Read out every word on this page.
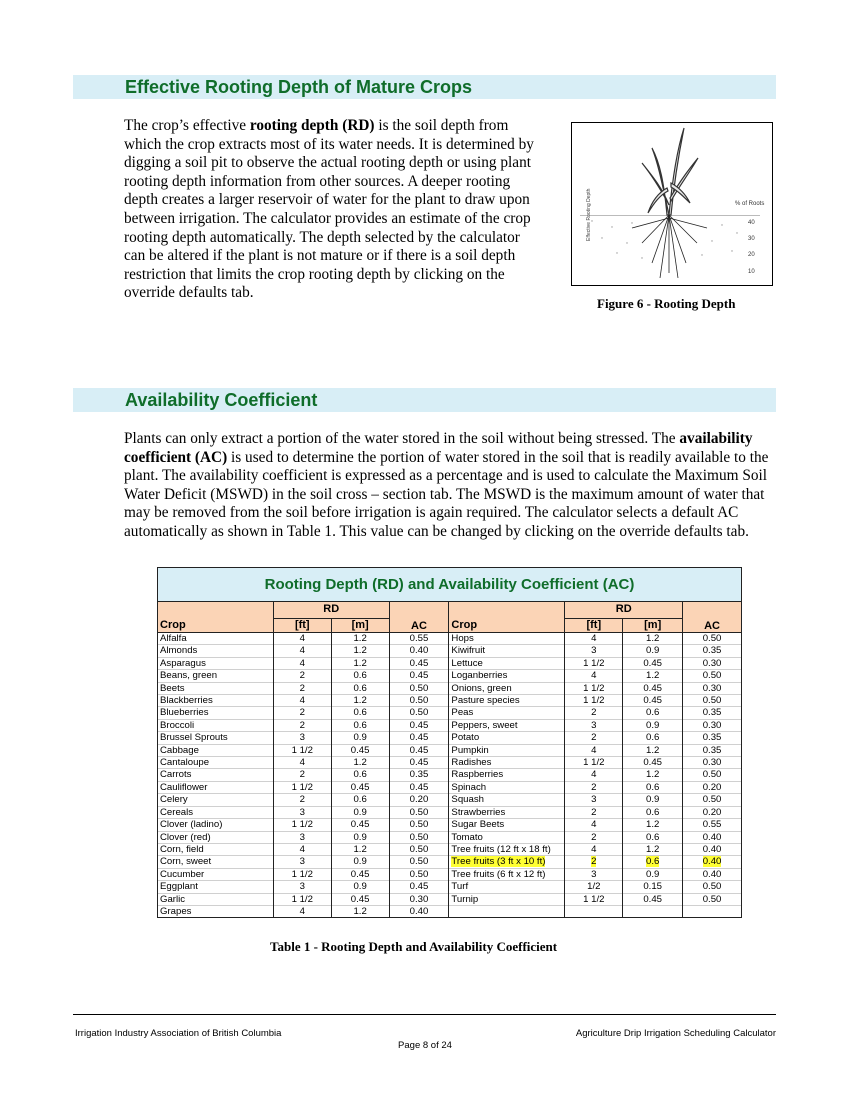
Effective Rooting Depth of Mature Crops
The crop’s effective rooting depth (RD) is the soil depth from which the crop extracts most of its water needs. It is determined by digging a soil pit to observe the actual rooting depth or using plant rooting depth information from other sources. A deeper rooting depth creates a larger reservoir of water for the plant to draw upon between irrigation. The calculator provides an estimate of the crop rooting depth automatically. The depth selected by the calculator can be altered if the plant is not mature or if there is a soil depth restriction that limits the crop rooting depth by clicking on the override defaults tab.
Effective Rooting Depth	% of Roots
40
30
20
10
Figure 6 - Rooting Depth
Availability Coefficient
Plants can only extract a portion of the water stored in the soil without being stressed. The availability coefficient (AC) is used to determine the portion of water stored in the soil that is readily available to the plant. The availability coefficient is expressed as a percentage and is used to calculate the Maximum Soil Water Deficit (MSWD) in the soil cross – section tab. The MSWD is the maximum amount of water that may be removed from the soil before irrigation is again required. The calculator selects a default AC automatically as shown in Table 1. This value can be changed by clicking on the override defaults tab.
Rooting Depth (RD) and Availability Coefficient (AC)							
	RD		AC		RD		AC
Crop	[ft]	[m]		Crop	[ft]	[m]	
Alfalfa	4	1.2	0.55	Hops	4	1.2	0.50
Almonds	4	1.2	0.40	Kiwifruit	3	0.9	0.35
Asparagus	4	1.2	0.45	Lettuce	1 1/2	0.45	0.30
Beans, green	2	0.6	0.45	Loganberries	4	1.2	0.50
Beets	2	0.6	0.50	Onions, green	1 1/2	0.45	0.30
Blackberries	4	1.2	0.50	Pasture species	1 1/2	0.45	0.50
Blueberries	2	0.6	0.50	Peas	2	0.6	0.35
Broccoli	2	0.6	0.45	Peppers, sweet	3	0.9	0.30
Brussel Sprouts	3	0.9	0.45	Potato	2	0.6	0.35
Cabbage	1 1/2	0.45	0.45	Pumpkin	4	1.2	0.35
Cantaloupe	4	1.2	0.45	Radishes	1 1/2	0.45	0.30
Carrots	2	0.6	0.35	Raspberries	4	1.2	0.50
Cauliflower	1 1/2	0.45	0.45	Spinach	2	0.6	0.20
Celery	2	0.6	0.20	Squash	3	0.9	0.50
Cereals	3	0.9	0.50	Strawberries	2	0.6	0.20
Clover (ladino)	1 1/2	0.45	0.50	Sugar Beets	4	1.2	0.55
Clover (red)	3	0.9	0.50	Tomato	2	0.6	0.40
Corn, field	4	1.2	0.50	Tree fruits (12 ft x 18 ft)	4	1.2	0.40
Corn, sweet	3	0.9	0.50	Tree fruits (3 ft x 10 ft)	2	0.6	0.40
Cucumber	1 1/2	0.45	0.50	Tree fruits (6 ft x 12 ft)	3	0.9	0.40
Eggplant	3	0.9	0.45	Turf	1/2	0.15	0.50
Garlic	1 1/2	0.45	0.30	Turnip	1 1/2	0.45	0.50
Grapes	4	1.2	0.40				
Table 1 - Rooting Depth and Availability Coefficient
Irrigation Industry Association of British Columbia	Agriculture Drip Irrigation Scheduling Calculator
Page 8 of 24
